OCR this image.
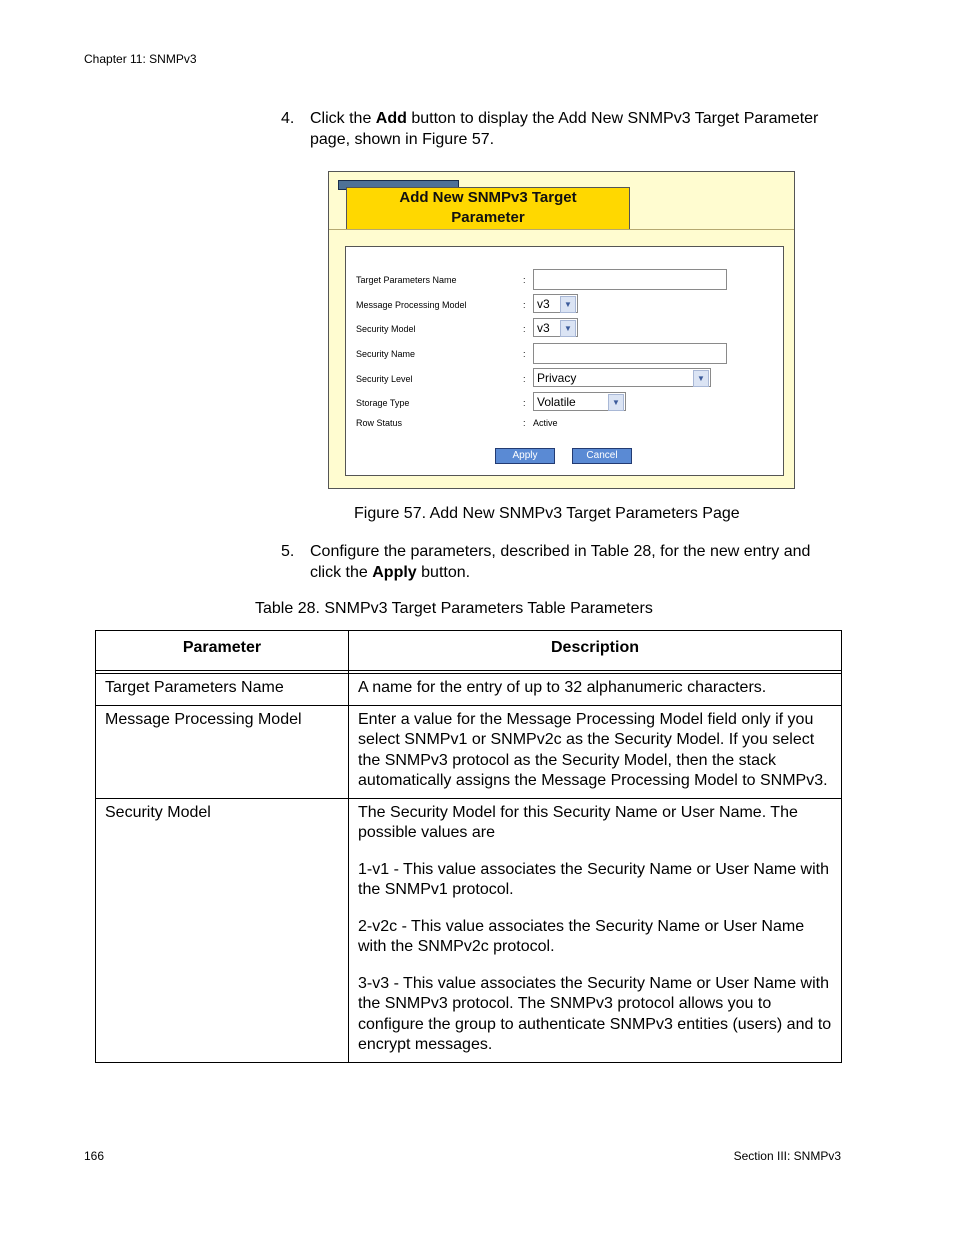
Chapter 11: SNMPv3
4. Click the Add button to display the Add New SNMPv3 Target Parameter page, shown in Figure 57.
Add New SNMPv3 Target
Parameter
Target Parameters Name	:
Message Processing Model	: v3	▼
Security Model	: v3	▼
Security Name	:
Security Level	: Privacy	▼
Storage Type	: Volatile	▼
Row Status	: Active
Apply	Cancel
Figure 57. Add New SNMPv3 Target Parameters Page
5. Configure the parameters, described in Table 28, for the new entry and click the Apply button.
Table 28. SNMPv3 Target Parameters Table Parameters
Parameter	Description

Target Parameters Name	A name for the entry of up to 32 alphanumeric characters.

Message Processing Model	Enter a value for the Message Processing Model field only if you select SNMPv1 or SNMPv2c as the Security Model. If you select the SNMPv3 protocol as the Security Model, then the stack automatically assigns the Message Processing Model to SNMPv3.

Security Model	The Security Model for this Security Name or User Name. The possible values are

1-v1 - This value associates the Security Name or User Name with the SNMPv1 protocol.

2-v2c - This value associates the Security Name or User Name with the SNMPv2c protocol.

3-v3 - This value associates the Security Name or User Name with the SNMPv3 protocol. The SNMPv3 protocol allows you to configure the group to authenticate SNMPv3 entities (users) and to encrypt messages.

166	Section III: SNMPv3
